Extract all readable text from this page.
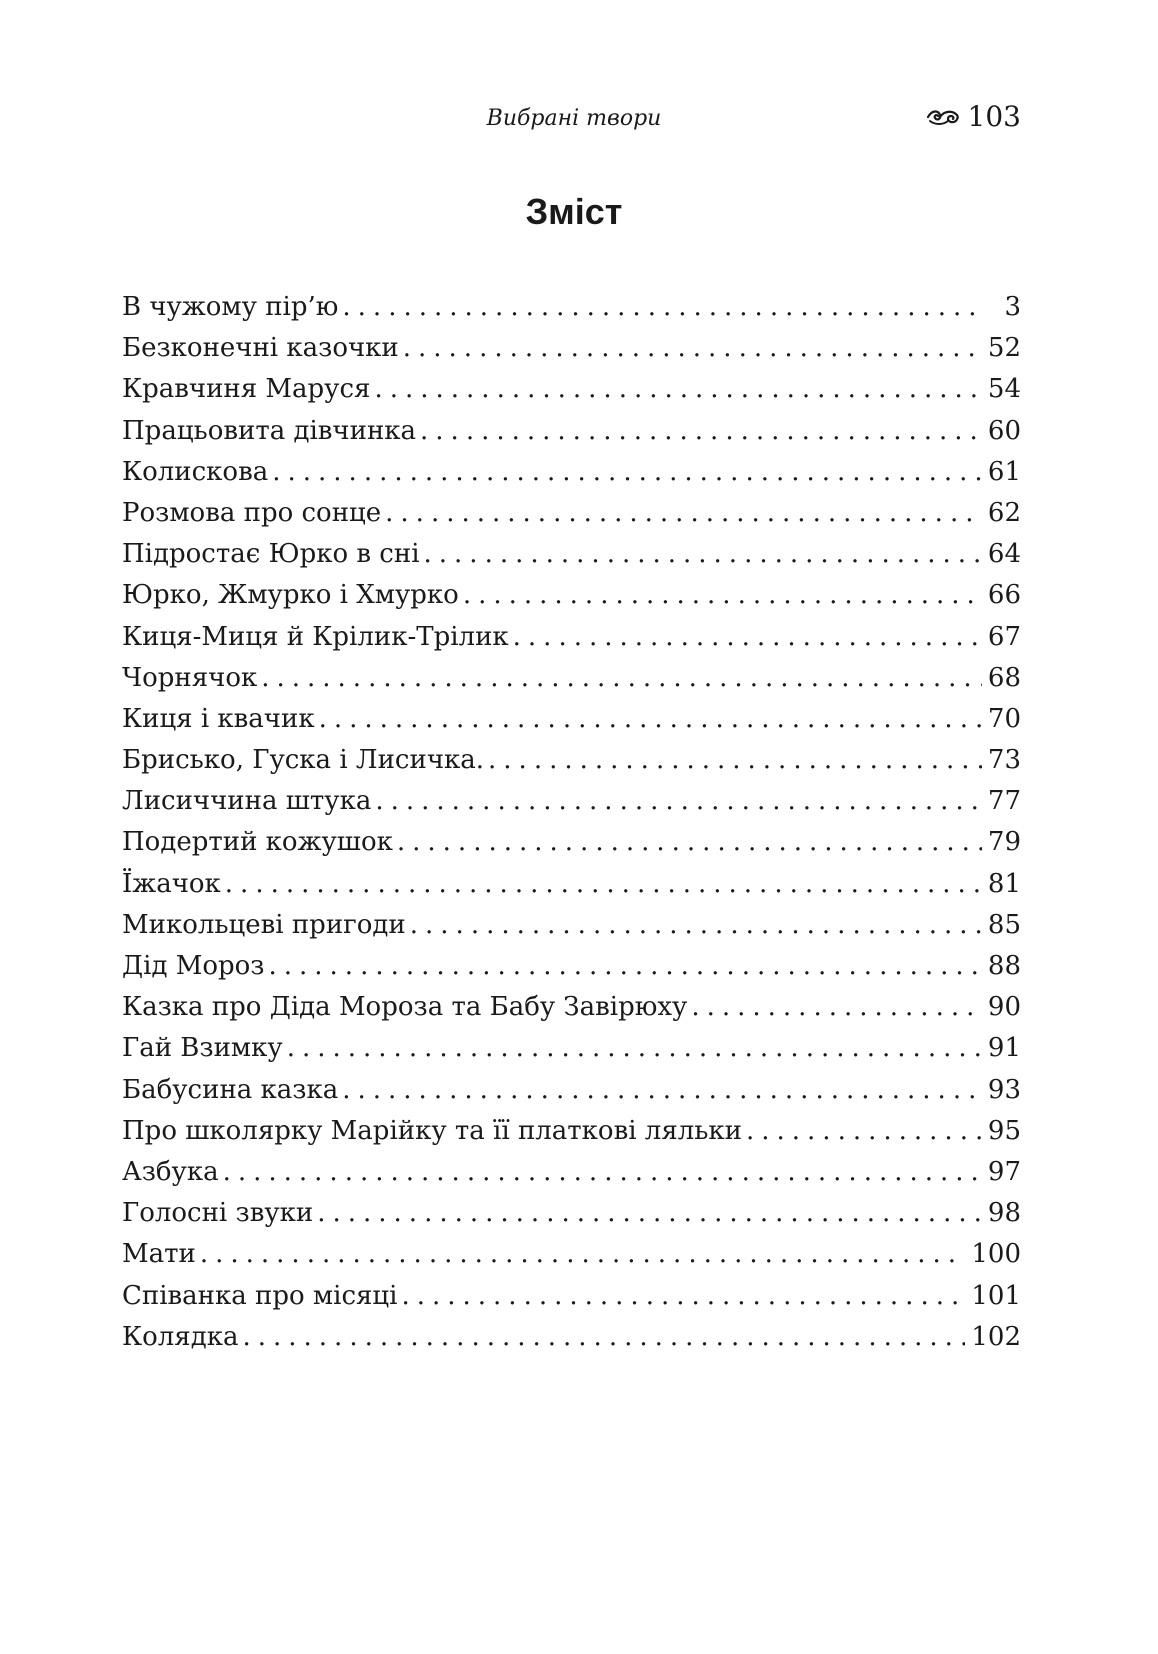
Вибрані твори	103
Зміст
В чужому пір’ю .....	3
Безконечні казочки .....	52
Кравчиня Маруся .....	54
Працьовита дівчинка .....	60
Колискова .....	61
Розмова про сонце .....	62
Підростає Юрко в сні .....	64
Юрко, Жмурко і Хмурко .....	66
Киця-Миця й Крілик-Трілик .....	67
Чорнячок .....	68
Киця і квачик .....	70
Брисько, Гуска і Лисичка. .....	73
Лисиччина штука .....	77
Подертий кожушок .....	79
Їжачок .....	81
Микольцеві пригоди .....	85
Дід Мороз .....	88
Казка про Діда Мороза та Бабу Завірюху .....	90
Гай Взимку .....	91
Бабусина казка .....	93
Про школярку Марійку та її платкові ляльки .....	95
Азбука .....	97
Голосні звуки .....	98
Мати .....	100
Співанка про місяці .....	101
Колядка .....	102
